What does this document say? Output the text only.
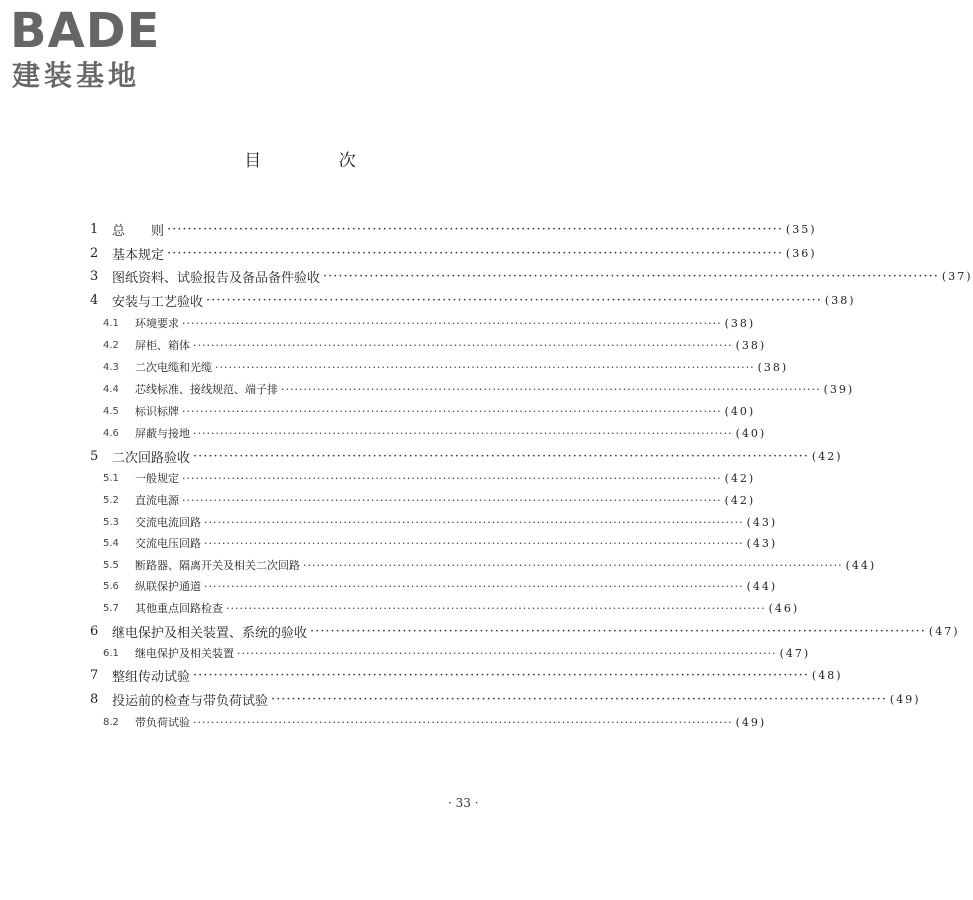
BADE
建装基地
目 次
1	总　　则 ························································································································ (35)
2	基本规定 ························································································································ (36)
3	图纸资料、试验报告及备品备件验收 ························································································································ (37)
4	安装与工艺验收 ························································································································ (38)
4.1	环境要求 ························································································································ (38)
4.2	屏柜、箱体 ························································································································ (38)
4.3	二次电缆和光缆 ························································································································ (38)
4.4	芯线标准、接线规范、端子排 ························································································································ (39)
4.5	标识标牌 ························································································································ (40)
4.6	屏蔽与接地 ························································································································ (40)
5	二次回路验收 ························································································································ (42)
5.1	一般规定 ························································································································ (42)
5.2	直流电源 ························································································································ (42)
5.3	交流电流回路 ························································································································ (43)
5.4	交流电压回路 ························································································································ (43)
5.5	断路器、隔离开关及相关二次回路 ························································································································ (44)
5.6	纵联保护通道 ························································································································ (44)
5.7	其他重点回路检查 ························································································································ (46)
6	继电保护及相关装置、系统的验收 ························································································································ (47)
6.1	继电保护及相关装置 ························································································································ (47)
7	整组传动试验 ························································································································ (48)
8	投运前的检查与带负荷试验 ························································································································ (49)
8.2	带负荷试验 ························································································································ (49)
· 33 ·
